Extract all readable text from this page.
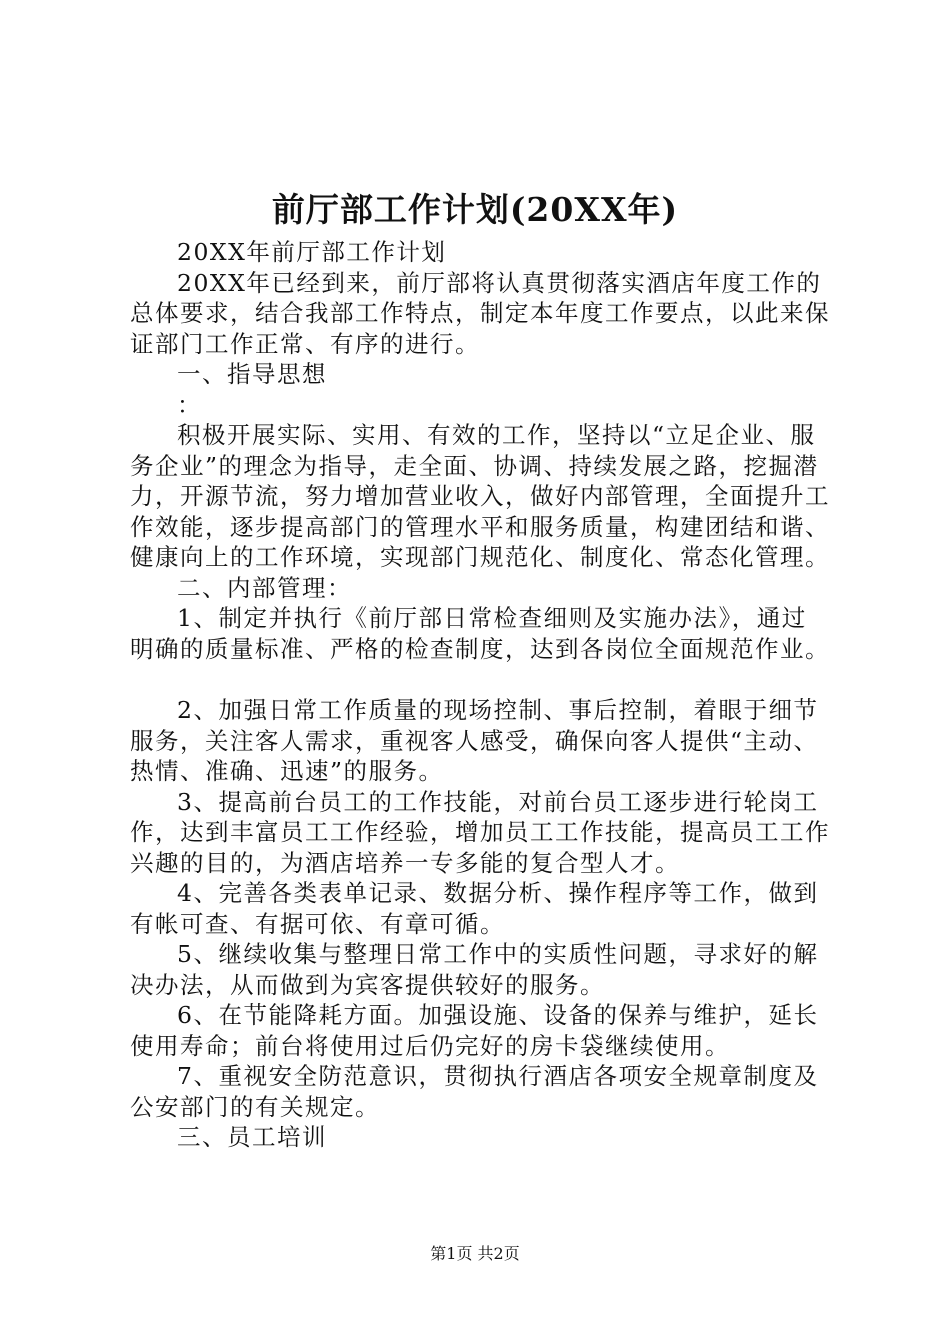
前厅部工作计划(20XX年)

20XX年前厅部工作计划

20XX年已经到来，前厅部将认真贯彻落实酒店年度工作的总体要求，结合我部工作特点，制定本年度工作要点，以此来保证部门工作正常、有序的进行。

一、指导思想

：

积极开展实际、实用、有效的工作，坚持以“立足企业、服务企业”的理念为指导，走全面、协调、持续发展之路，挖掘潜力，开源节流，努力增加营业收入，做好内部管理，全面提升工作效能，逐步提高部门的管理水平和服务质量，构建团结和谐、健康向上的工作环境，实现部门规范化、制度化、常态化管理。

二、内部管理：

1、制定并执行《前厅部日常检查细则及实施办法》，通过明确的质量标准、严格的检查制度，达到各岗位全面规范作业。

2、加强日常工作质量的现场控制、事后控制，着眼于细节服务，关注客人需求，重视客人感受，确保向客人提供“主动、热情、准确、迅速”的服务。

3、提高前台员工的工作技能，对前台员工逐步进行轮岗工作，达到丰富员工工作经验，增加员工工作技能，提高员工工作兴趣的目的，为酒店培养一专多能的复合型人才。

4、完善各类表单记录、数据分析、操作程序等工作，做到有帐可查、有据可依、有章可循。

5、继续收集与整理日常工作中的实质性问题，寻求好的解决办法，从而做到为宾客提供较好的服务。

6、在节能降耗方面。加强设施、设备的保养与维护，延长使用寿命；前台将使用过后仍完好的房卡袋继续使用。

7、重视安全防范意识，贯彻执行酒店各项安全规章制度及公安部门的有关规定。

三、员工培训

第1页 共2页
